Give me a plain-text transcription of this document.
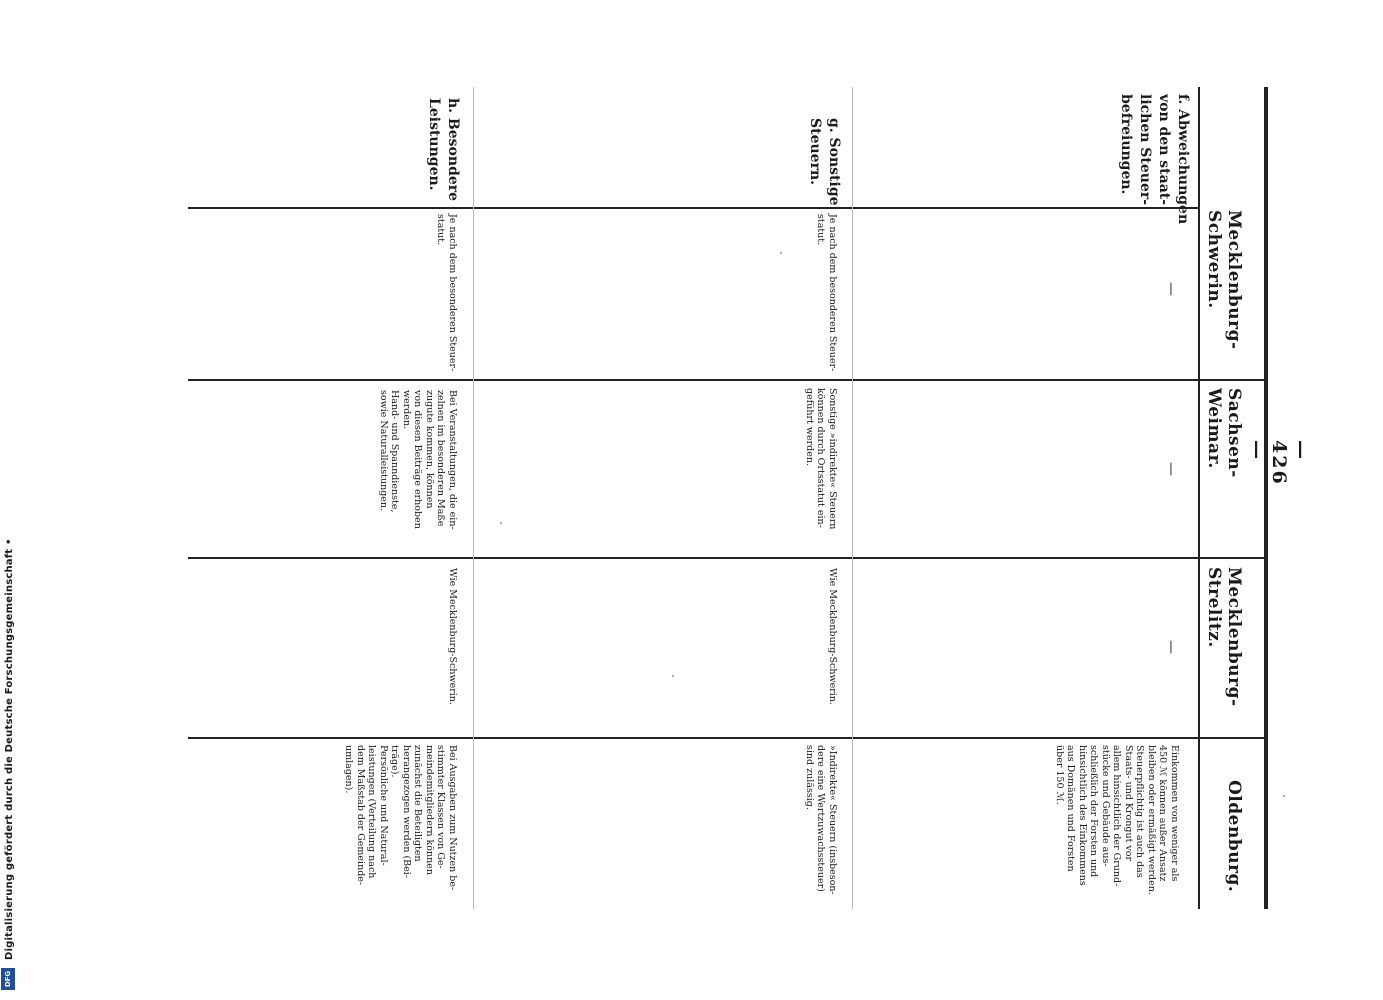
— 426 —
Mecklenburg-Schwerin.
Sachsen-Weimar.
Mecklenburg-Strelitz.
Oldenburg.
f. Abweichungen
von den staat-
lichen Steuer-
befreiungen.
—
—
—
Einkommen von weniger als
450 ℳ können außer Ansatz
bleiben oder ermäßigt werden.
Steuerpflichtig ist auch das
Staats- und Krongut vor
allem hinsichtlich der Grund-
stücke und Gebäude aus-
schließlich der Forsten und
hinsichtlich des Einkommens
aus Domänen und Forsten
über 150 ℳ.
g. Sonstige
Steuern.
Je nach dem besonderen Steuer-
statut.
Sonstige »indirekte« Steuern
können durch Ortsstatut ein-
geführt werden.
Wie Mecklenburg-Schwerin.
»Indirekte« Steuern (insbeson-
dere eine Wertzuwachssteuer)
sind zulässig.
h. Besondere
Leistungen.
Je nach dem besonderen Steuer-
statut.
Bei Veranstaltungen, die ein-
zelnen im besonderen Maße
zugute kommen, können
von diesen Beiträge erhoben
werden.
Hand- und Spanndienste,
sowie Naturalleistungen.
Wie Mecklenburg-Schwerin.
Bei Ausgaben zum Nutzen be-
stimmter Klassen von Ge-
meindemitgliedern können
zunächst die Beteiligten
herangezogen werden (Bei-
träge).
Persönliche und Natural-
leistungen (Verteilung nach
dem Maßstab der Gemeinde-
umlagen).
Digitalisierung gefördert durch die Deutsche Forschungsgemeinschaft •
DFG
